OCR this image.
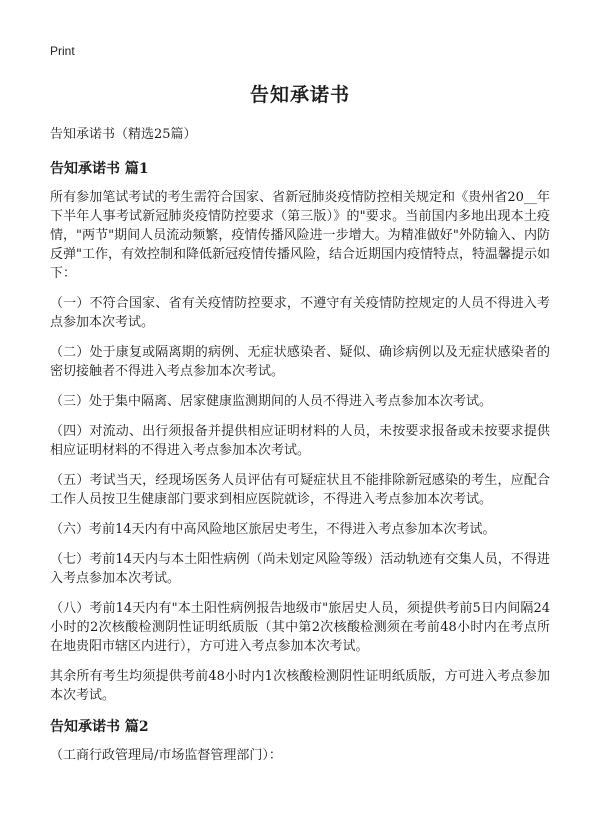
Print
告知承诺书
告知承诺书（精选25篇）
告知承诺书 篇1

所有参加笔试考试的考生需符合国家、省新冠肺炎疫情防控相关规定和《贵州省20__年下半年人事考试新冠肺炎疫情防控要求（第三版）》的"要求。当前国内多地出现本土疫情，"两节"期间人员流动频繁，疫情传播风险进一步增大。为精准做好"外防输入、内防反弹"工作，有效控制和降低新冠疫情传播风险，结合近期国内疫情特点，特温馨提示如下：

（一）不符合国家、省有关疫情防控要求，不遵守有关疫情防控规定的人员不得进入考点参加本次考试。

（二）处于康复或隔离期的病例、无症状感染者、疑似、确诊病例以及无症状感染者的密切接触者不得进入考点参加本次考试。

（三）处于集中隔离、居家健康监测期间的人员不得进入考点参加本次考试。

（四）对流动、出行须报备并提供相应证明材料的人员，未按要求报备或未按要求提供相应证明材料的不得进入考点参加本次考试。

（五）考试当天，经现场医务人员评估有可疑症状且不能排除新冠感染的考生，应配合工作人员按卫生健康部门要求到相应医院就诊，不得进入考点参加本次考试。

（六）考前14天内有中高风险地区旅居史考生，不得进入考点参加本次考试。

（七）考前14天内与本土阳性病例（尚未划定风险等级）活动轨迹有交集人员，不得进入考点参加本次考试。

（八）考前14天内有"本土阳性病例报告地级市"旅居史人员，须提供考前5日内间隔24小时的2次核酸检测阴性证明纸质版（其中第2次核酸检测须在考前48小时内在考点所在地贵阳市辖区内进行），方可进入考点参加本次考试。

其余所有考生均须提供考前48小时内1次核酸检测阴性证明纸质版，方可进入考点参加本次考试。

告知承诺书 篇2

（工商行政管理局/市场监督管理部门）：
